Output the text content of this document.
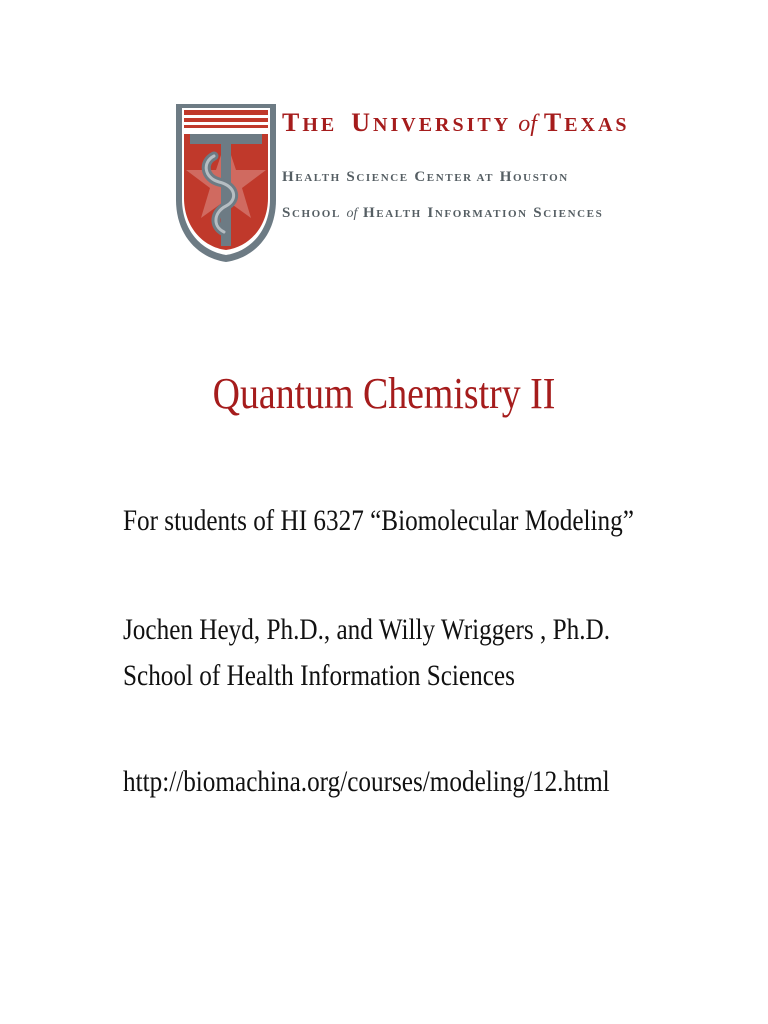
THE UNIVERSITY of TEXAS
HEALTH SCIENCE CENTER AT HOUSTON
SCHOOL of HEALTH INFORMATION SCIENCES
Quantum Chemistry II
For students of HI 6327 “Biomolecular Modeling”
Jochen Heyd, Ph.D., and Willy Wriggers , Ph.D.
School of Health Information Sciences
http://biomachina.org/courses/modeling/12.html
